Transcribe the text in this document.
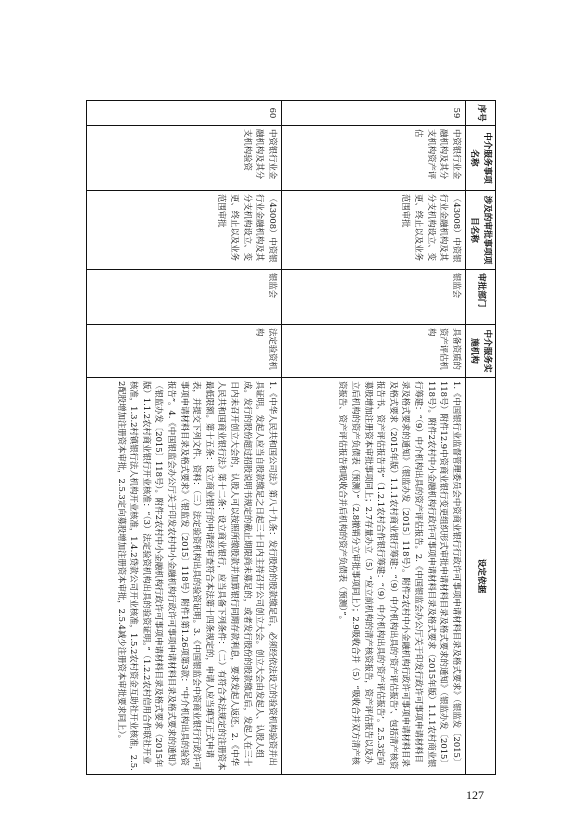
序号	中介服务事项名称	涉及的审批事项项目名称	审批部门	中介服务实施机构	设定依据
59	中资银行业金融机构及其分支机构资产评估	（43008）中资银行业金融机构及其分支机构设立、变更、终止以及业务范围审批	银监会	具备资质的资产评估机构	1.《中国银行业监督管理委员会中资商业银行行政许可事项申请材料目录及格式要求》（银监发〔2015〕118号）附件12.9中资商业银行变更组织形式审批申请材料目录及格式要求的通知》（银监办发〔2015〕118号）。附件2农村中小金融机构行政许可事项申请材料目录及格式要求（2015年版）1.1.1农村商业银行筹建：“（9）中介机构出具的资产评估报告。2.《中国银监会办公厅关于印发行政许可事项申请材料目录及格式要求的通知》（银监办发〔2015〕118号）。附件2农村中小金融机构行政许可事项申请材料目录及格式要求（2015年版）1.1.1农村商业银行筹建：“（9）中介机构出具的‘资产评估报告’、包括清产核资报告书、资产评估报告书”（1.2.1农村合作银行筹建：“（9）中介机构出具的‘资产评估报告’。2.5.3定向募股增加注册资本审批事项同上；2.7存量办立（5）“应立前机构的清产核资报告，资产评估报告以及办立后机构的资产负债表（预测）”（2.8撤销分立审批事项同上）；2.9吸收合并（5）“吸收合并双方清产核资报告、资产评估报告和吸收合并后机构的资产负债表（预测）”。
60	中资银行业金融机构及其分支机构验资	（43008）中资银行业金融机构及其分支机构设立、变更、终止以及业务范围审批	银监会	法定验资机构	1.《中华人民共和国公司法》第八十九条：发行股份的股款缴足后，必须经依法设立的验资机构验资并出具证明。发起人应当自股款缴足之日起三十日内主持召开公司创立大会。创立大会由发起人、认股人组成。发行的股份超过招股说明书规定的截止期限尚未募足的，或者发行股份的股款缴足后，发起人在三十日内未召开创立大会的，认股人可以按照所缴股款并加算银行同期存款利息，要求发起人返还。2.《中华人民共和国商业银行法》第十二条：设立商业银行，应当具备下列条件：（二）有符合本法规定的注册资本最低限额。第十五条：设立商业银行的申请经审查符合本法第十四条规定的，申请人应当填写正式申请表，并提交下列文件、资料：（三）法定验资机构出具的验资证明。3.《中国银监会中资商业银行行政许可事项申请材料目录及格式要求》（银监发〔2015〕118号）附件1第1.26项第3款：“中介机构出具的验资报告”。4.《中国银监会办公厅关于印发农村中小金融机构行政许可事项申请材料目录及格式要求的通知》（银监办发〔2015〕118号）。附件2农村中小金融机构行政许可事项申请材料目录及格式要求（2015年版）1.1.2农村商业银行开业核准：“（3）法定验资机构出具的验资证明。”（1.2.2农村信用合作联社开业核准，1.3.2村镇银行法人机构开业核准，1.4.2贷款公司开业核准，1.5.2农村资金互助社开业核准，2.5.2配股增加注册资本审批，2.5.3定向募股增加注册资本审批，2.5.4减少注册资本审批要求同上）。
127
